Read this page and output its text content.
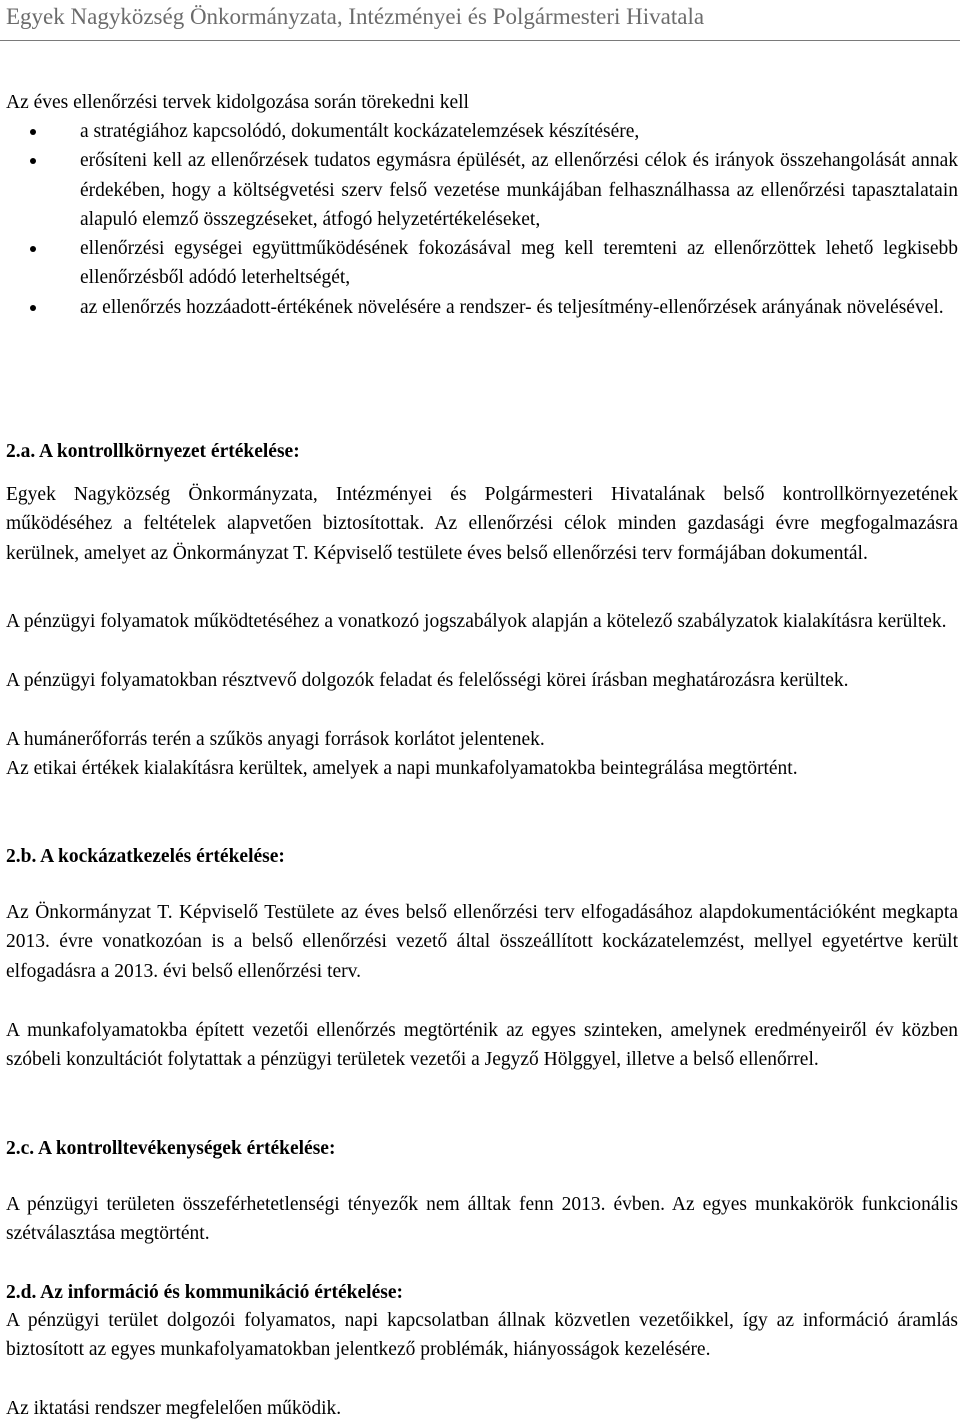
Egyek Nagyközség Önkormányzata, Intézményei és Polgármesteri Hivatala
Az éves ellenőrzési tervek kidolgozása során törekedni kell
a stratégiához kapcsolódó, dokumentált kockázatelemzések készítésére,
erősíteni kell az ellenőrzések tudatos egymásra épülését, az ellenőrzési célok és irányok összehangolását annak érdekében, hogy a költségvetési szerv felső vezetése munkájában felhasználhassa az ellenőrzési tapasztalatain alapuló elemző összegzéseket, átfogó helyzetértékeléseket,
ellenőrzési egységei együttműködésének fokozásával meg kell teremteni az ellenőrzöttek lehető legkisebb ellenőrzésből adódó leterheltségét,
az ellenőrzés hozzáadott-értékének növelésére a rendszer- és teljesítmény-ellenőrzések arányának növelésével.
2.a. A kontrollkörnyezet értékelése:
Egyek Nagyközség Önkormányzata, Intézményei és Polgármesteri Hivatalának belső kontrollkörnyezetének működéséhez a feltételek alapvetően biztosítottak. Az ellenőrzési célok minden gazdasági évre megfogalmazásra kerülnek, amelyet az Önkormányzat T. Képviselő testülete éves belső ellenőrzési terv formájában dokumentál.
A pénzügyi folyamatok működtetéséhez a vonatkozó jogszabályok alapján a kötelező szabályzatok kialakításra kerültek.
A pénzügyi folyamatokban résztvevő dolgozók feladat és felelősségi körei írásban meghatározásra kerültek.
A humánerőforrás terén a szűkös anyagi források korlátot jelentenek.
Az etikai értékek kialakításra kerültek, amelyek a napi munkafolyamatokba beintegrálása megtörtént.
2.b. A kockázatkezelés értékelése:
Az Önkormányzat T. Képviselő Testülete az éves belső ellenőrzési terv elfogadásához alapdokumentációként megkapta 2013. évre vonatkozóan is a belső ellenőrzési vezető által összeállított kockázatelemzést, mellyel egyetértve került elfogadásra a 2013. évi belső ellenőrzési terv.
A munkafolyamatokba épített vezetői ellenőrzés megtörténik az egyes szinteken, amelynek eredményeiről év közben szóbeli konzultációt folytattak a pénzügyi területek vezetői a Jegyző Hölggyel, illetve a belső ellenőrrel.
2.c. A kontrolltevékenységek értékelése:
A pénzügyi területen összeférhetetlenségi tényezők nem álltak fenn 2013. évben. Az egyes munkakörök funkcionális szétválasztása megtörtént.
2.d. Az információ és kommunikáció értékelése:
A pénzügyi terület dolgozói folyamatos, napi kapcsolatban állnak közvetlen vezetőikkel, így az információ áramlás biztosított az egyes munkafolyamatokban jelentkező problémák, hiányosságok kezelésére.
Az iktatási rendszer megfelelően működik.
